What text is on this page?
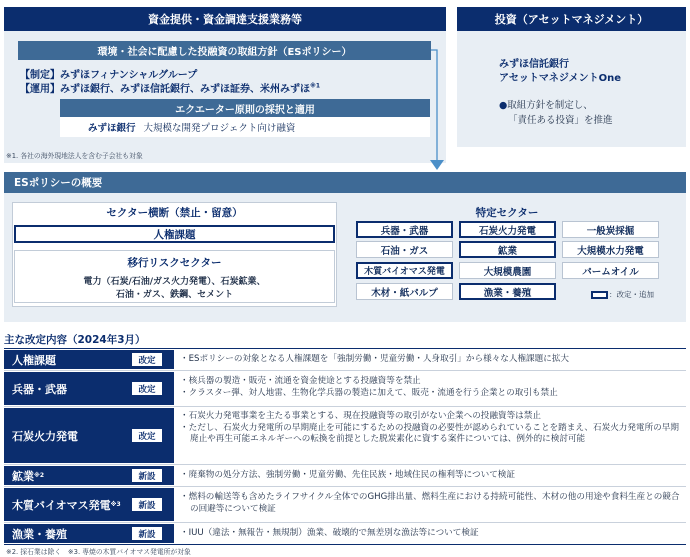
資金提供・資金調達支援業務等
環境・社会に配慮した投融資の取組方針（ESポリシー）
【制定】みずほフィナンシャルグループ
【運用】みずほ銀行、みずほ信託銀行、みずほ証券、米州みずほ$^{※1}$
エクエーター原則の採択と適用
みずほ銀行 大規模な開発プロジェクト向け融資
※1. 各社の海外現地法人を含む子会社も対象
投資（アセットマネジメント）
みずほ信託銀行
アセットマネジメントOne
●取組方針を制定し、
「責任ある投資」を推進
ESポリシーの概要
セクター横断（禁止・留意）
人権課題
移行リスクセクター
電力（石炭/石油/ガス火力発電）、石炭鉱業、
石油・ガス、鉄鋼、セメント
特定セクター
兵器・武器	石炭火力発電	一般炭採掘
石油・ガス	鉱業	大規模水力発電
木質バイオマス発電	大規模農園	パームオイル
木材・紙パルプ	漁業・養殖	：改定・追加
主な改定内容（2024年3月）
人権課題	改定	・ESポリシーの対象となる人権課題を「強制労働・児童労働・人身取引」から様々な人権課題に拡大
兵器・武器	改定
・核兵器の製造・販売・流通を資金使途とする投融資等を禁止
・クラスター弾、対人地雷、生物化学兵器の製造に加えて、販売・流通を行う企業との取引も禁止
石炭火力発電	改定
・石炭火力発電事業を主たる事業とする、現在投融資等の取引がない企業への投融資等は禁止
・ただし、石炭火力発電所の早期廃止を可能にするための投融資の必要性が認められていることを踏まえ、石炭火力発電所の早期廃止や再生可能エネルギーへの転換を前提とした脱炭素化に資する案件については、例外的に検討可能
鉱業 ※2	新設	・廃棄物の処分方法、強制労働・児童労働、先住民族・地域住民の権利等について検証
木質バイオマス発電 ※3	新設
・燃料の輸送等も含めたライフサイクル全体でのGHG排出量、燃料生産における持続可能性、木材の他の用途や食料生産との競合の回避等について検証
漁業・養殖	新設	・IUU（違法・無報告・無規制）漁業、破壊的で無差別な漁法等について検証
※2. 採石業は除く　※3. 専焼の木質バイオマス発電所が対象
